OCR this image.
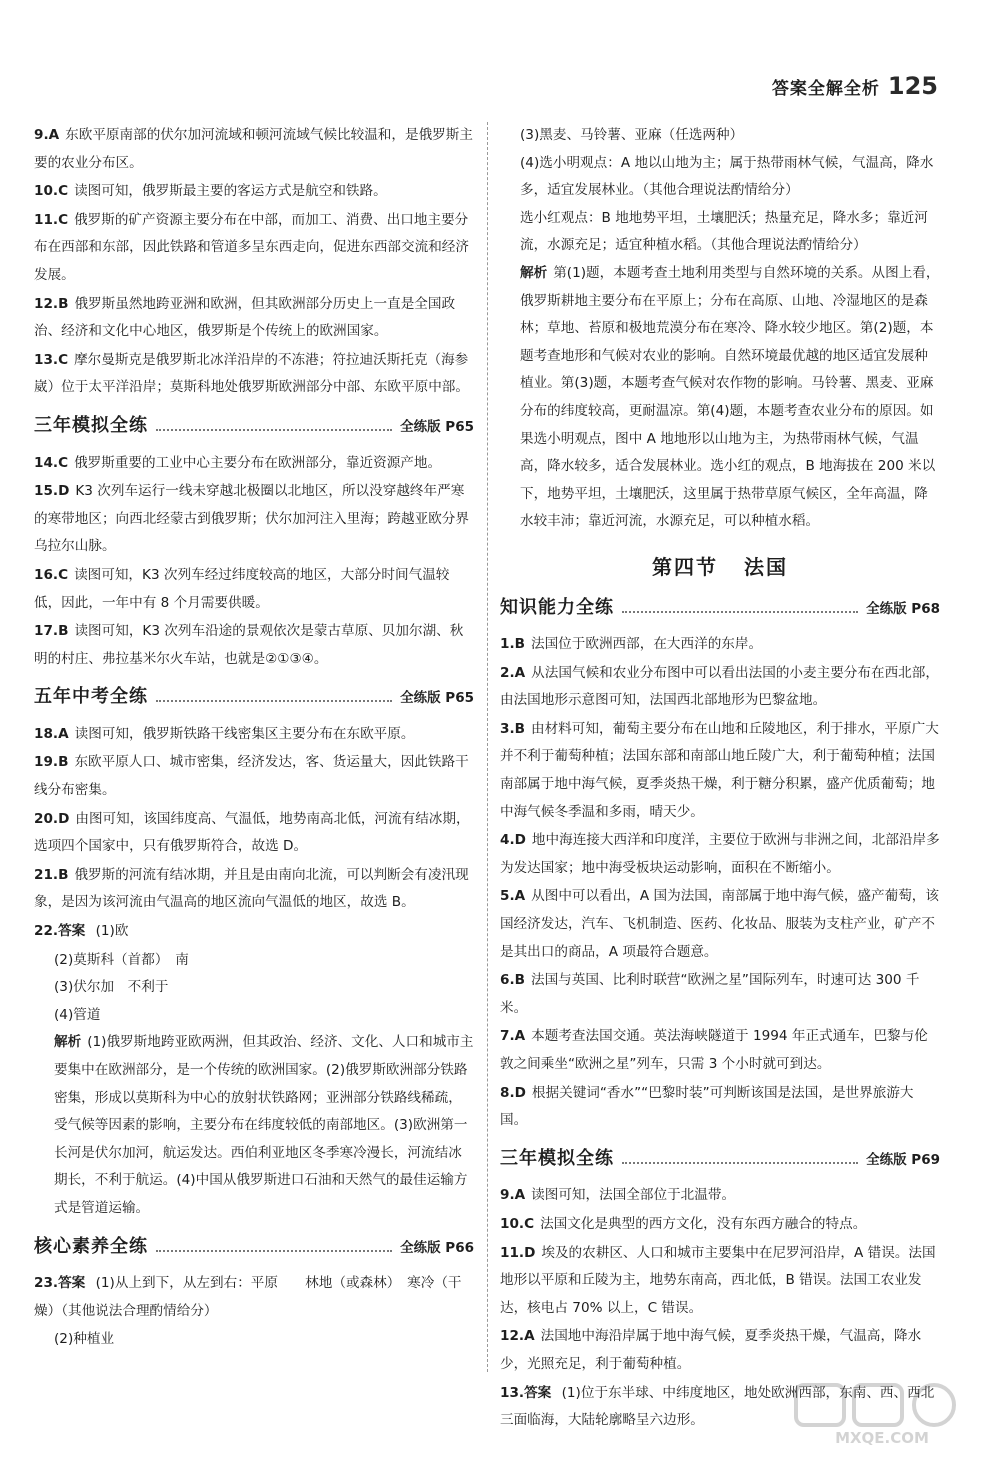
答案全解全析 125
9.A 东欧平原南部的伏尔加河流域和顿河流域气候比较温和，是俄罗斯主要的农业分布区。
10.C 读图可知，俄罗斯最主要的客运方式是航空和铁路。
11.C 俄罗斯的矿产资源主要分布在中部，而加工、消费、出口地主要分布在西部和东部，因此铁路和管道多呈东西走向，促进东西部交流和经济发展。
12.B 俄罗斯虽然地跨亚洲和欧洲，但其欧洲部分历史上一直是全国政治、经济和文化中心地区，俄罗斯是个传统上的欧洲国家。
13.C 摩尔曼斯克是俄罗斯北冰洋沿岸的不冻港；符拉迪沃斯托克（海参崴）位于太平洋沿岸；莫斯科地处俄罗斯欧洲部分中部、东欧平原中部。
三年模拟全练	全练版 P65
14.C 俄罗斯重要的工业中心主要分布在欧洲部分，靠近资源产地。
15.D K3 次列车运行一线未穿越北极圈以北地区，所以没穿越终年严寒的寒带地区；向西北经蒙古到俄罗斯；伏尔加河注入里海；跨越亚欧分界乌拉尔山脉。
16.C 读图可知，K3 次列车经过纬度较高的地区，大部分时间气温较低，因此，一年中有 8 个月需要供暖。
17.B 读图可知，K3 次列车沿途的景观依次是蒙古草原、贝加尔湖、秋明的村庄、弗拉基米尔火车站，也就是②①③④。
五年中考全练	全练版 P65
18.A 读图可知，俄罗斯铁路干线密集区主要分布在东欧平原。
19.B 东欧平原人口、城市密集，经济发达，客、货运量大，因此铁路干线分布密集。
20.D 由图可知，该国纬度高、气温低，地势南高北低，河流有结冰期，选项四个国家中，只有俄罗斯符合，故选 D。
21.B 俄罗斯的河流有结冰期，并且是由南向北流，可以判断会有凌汛现象，是因为该河流由气温高的地区流向气温低的地区，故选 B。
22.答案 (1)欧
(2)莫斯科（首都）　南
(3)伏尔加　不利于
(4)管道
解析 (1)俄罗斯地跨亚欧两洲，但其政治、经济、文化、人口和城市主要集中在欧洲部分，是一个传统的欧洲国家。(2)俄罗斯欧洲部分铁路密集，形成以莫斯科为中心的放射状铁路网；亚洲部分铁路线稀疏，受气候等因素的影响，主要分布在纬度较低的南部地区。(3)欧洲第一长河是伏尔加河，航运发达。西伯利亚地区冬季寒冷漫长，河流结冰期长，不利于航运。(4)中国从俄罗斯进口石油和天然气的最佳运输方式是管道运输。
核心素养全练	全练版 P66
23.答案 (1)从上到下，从左到右：平原　　林地（或森林）　寒冷（干燥）（其他说法合理酌情给分）
(2)种植业
(3)黑麦、马铃薯、亚麻（任选两种）
(4)选小明观点：A 地以山地为主；属于热带雨林气候，气温高，降水多，适宜发展林业。（其他合理说法酌情给分）
选小红观点：B 地地势平坦，土壤肥沃；热量充足，降水多；靠近河流，水源充足；适宜种植水稻。（其他合理说法酌情给分）
解析 第(1)题，本题考查土地利用类型与自然环境的关系。从图上看，俄罗斯耕地主要分布在平原上；分布在高原、山地、冷湿地区的是森林；草地、苔原和极地荒漠分布在寒冷、降水较少地区。第(2)题，本题考查地形和气候对农业的影响。自然环境最优越的地区适宜发展种植业。第(3)题，本题考查气候对农作物的影响。马铃薯、黑麦、亚麻分布的纬度较高，更耐温凉。第(4)题，本题考查农业分布的原因。如果选小明观点，图中 A 地地形以山地为主，为热带雨林气候，气温高，降水较多，适合发展林业。选小红的观点，B 地海拔在 200 米以下，地势平坦，土壤肥沃，这里属于热带草原气候区，全年高温，降水较丰沛；靠近河流，水源充足，可以种植水稻。
第四节 法国
知识能力全练	全练版 P68
1.B 法国位于欧洲西部，在大西洋的东岸。
2.A 从法国气候和农业分布图中可以看出法国的小麦主要分布在西北部，由法国地形示意图可知，法国西北部地形为巴黎盆地。
3.B 由材料可知，葡萄主要分布在山地和丘陵地区，利于排水，平原广大并不利于葡萄种植；法国东部和南部山地丘陵广大，利于葡萄种植；法国南部属于地中海气候，夏季炎热干燥，利于糖分积累，盛产优质葡萄；地中海气候冬季温和多雨，晴天少。
4.D 地中海连接大西洋和印度洋，主要位于欧洲与非洲之间，北部沿岸多为发达国家；地中海受板块运动影响，面积在不断缩小。
5.A 从图中可以看出，A 国为法国，南部属于地中海气候，盛产葡萄，该国经济发达，汽车、飞机制造、医药、化妆品、服装为支柱产业，矿产不是其出口的商品，A 项最符合题意。
6.B 法国与英国、比利时联营“欧洲之星”国际列车，时速可达 300 千米。
7.A 本题考查法国交通。英法海峡隧道于 1994 年正式通车，巴黎与伦敦之间乘坐“欧洲之星”列车，只需 3 个小时就可到达。
8.D 根据关键词“香水”“巴黎时装”可判断该国是法国，是世界旅游大国。
三年模拟全练	全练版 P69
9.A 读图可知，法国全部位于北温带。
10.C 法国文化是典型的西方文化，没有东西方融合的特点。
11.D 埃及的农耕区、人口和城市主要集中在尼罗河沿岸，A 错误。法国地形以平原和丘陵为主，地势东南高，西北低，B 错误。法国工农业发达，核电占 70% 以上，C 错误。
12.A 法国地中海沿岸属于地中海气候，夏季炎热干燥，气温高，降水少，光照充足，利于葡萄种植。
13.答案 (1)位于东半球、中纬度地区，地处欧洲西部，东南、西、西北三面临海，大陆轮廓略呈六边形。
MXQE.COM
